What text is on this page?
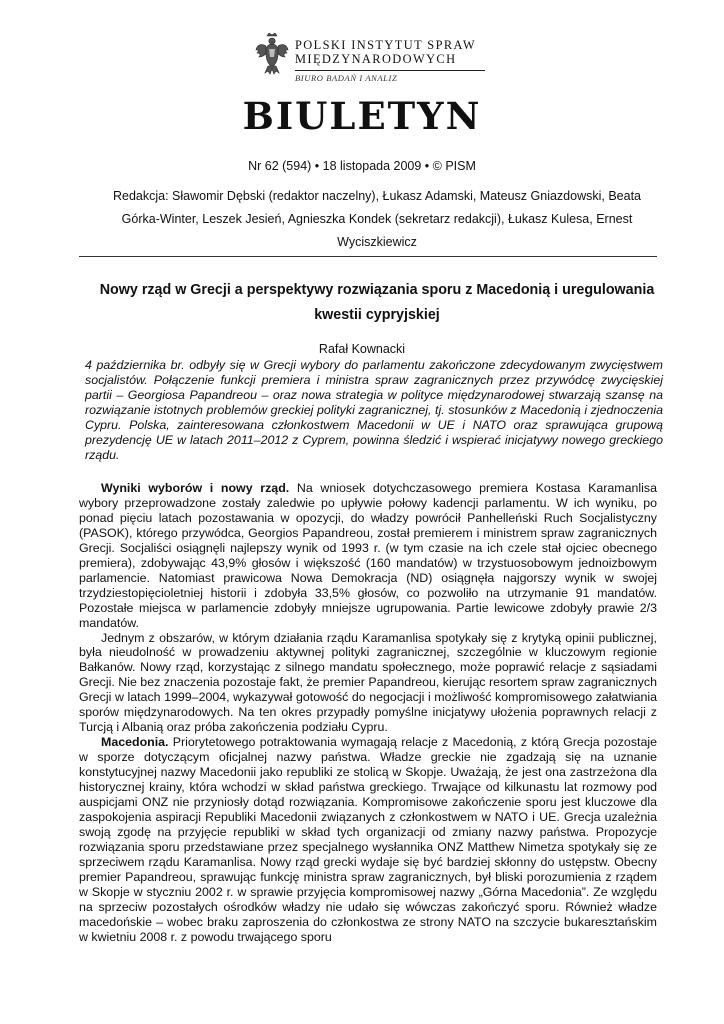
POLSKI INSTYTUT SPRAW
MIĘDZYNARODOWYCH
BIURO BADAŃ I ANALIZ
BIULETYN
Nr 62 (594) • 18 listopada 2009 • © PISM
Redakcja: Sławomir Dębski (redaktor naczelny), Łukasz Adamski, Mateusz Gniazdowski, Beata Górka-Winter, Leszek Jesień, Agnieszka Kondek (sekretarz redakcji), Łukasz Kulesa, Ernest Wyciszkiewicz
Nowy rząd w Grecji a perspektywy rozwiązania sporu z Macedonią i uregulowania kwestii cypryjskiej
Rafał Kownacki
4 października br. odbyły się w Grecji wybory do parlamentu zakończone zdecydowanym zwycięstwem socjalistów. Połączenie funkcji premiera i ministra spraw zagranicznych przez przywódcę zwycięskiej partii – Georgiosa Papandreou – oraz nowa strategia w polityce międzynarodowej stwarzają szansę na rozwiązanie istotnych problemów greckiej polityki zagranicznej, tj. stosunków z Macedonią i zjednoczenia Cypru. Polska, zainteresowana członkostwem Macedonii w UE i NATO oraz sprawująca grupową prezydencję UE w latach 2011–2012 z Cyprem, powinna śledzić i wspierać inicjatywy nowego greckiego rządu.

Wyniki wyborów i nowy rząd. Na wniosek dotychczasowego premiera Kostasa Karamanlisa wybory przeprowadzone zostały zaledwie po upływie połowy kadencji parlamentu. W ich wyniku, po ponad pięciu latach pozostawania w opozycji, do władzy powrócił Panhelleński Ruch Socjalistyczny (PASOK), którego przywódca, Georgios Papandreou, został premierem i ministrem spraw zagranicznych Grecji. Socjaliści osiągnęli najlepszy wynik od 1993 r. (w tym czasie na ich czele stał ojciec obecnego premiera), zdobywając 43,9% głosów i większość (160 mandatów) w trzystuosobowym jednoizbowym parlamencie. Natomiast prawicowa Nowa Demokracja (ND) osiągnęła najgorszy wynik w swojej trzydziestopięcioletniej historii i zdobyła 33,5% głosów, co pozwoliło na utrzymanie 91 mandatów. Pozostałe miejsca w parlamencie zdobyły mniejsze ugrupowania. Partie lewicowe zdobyły prawie 2/3 mandatów.

Jednym z obszarów, w którym działania rządu Karamanlisa spotykały się z krytyką opinii publicznej, była nieudolność w prowadzeniu aktywnej polityki zagranicznej, szczególnie w kluczowym regionie Bałkanów. Nowy rząd, korzystając z silnego mandatu społecznego, może poprawić relacje z sąsiadami Grecji. Nie bez znaczenia pozostaje fakt, że premier Papandreou, kierując resortem spraw zagranicznych Grecji w latach 1999–2004, wykazywał gotowość do negocjacji i możliwość kompromisowego załatwiania sporów międzynarodowych. Na ten okres przypadły pomyślne inicjatywy ułożenia poprawnych relacji z Turcją i Albanią oraz próba zakończenia podziału Cypru.

Macedonia. Priorytetowego potraktowania wymagają relacje z Macedonią, z którą Grecja pozostaje w sporze dotyczącym oficjalnej nazwy państwa. Władze greckie nie zgadzają się na uznanie konstytucyjnej nazwy Macedonii jako republiki ze stolicą w Skopje. Uważają, że jest ona zastrzeżona dla historycznej krainy, która wchodzi w skład państwa greckiego. Trwające od kilkunastu lat rozmowy pod auspicjami ONZ nie przyniosły dotąd rozwiązania. Kompromisowe zakończenie sporu jest kluczowe dla zaspokojenia aspiracji Republiki Macedonii związanych z członkostwem w NATO i UE. Grecja uzależnia swoją zgodę na przyjęcie republiki w skład tych organizacji od zmiany nazwy państwa. Propozycje rozwiązania sporu przedstawiane przez specjalnego wysłannika ONZ Matthew Nimetza spotykały się ze sprzeciwem rządu Karamanlisa. Nowy rząd grecki wydaje się być bardziej skłonny do ustępstw. Obecny premier Papandreou, sprawując funkcję ministra spraw zagranicznych, był bliski porozumienia z rządem w Skopje w styczniu 2002 r. w sprawie przyjęcia kompromisowej nazwy „Górna Macedonia”. Ze względu na sprzeciw pozostałych ośrodków władzy nie udało się wówczas zakończyć sporu. Również władze macedońskie – wobec braku zaproszenia do członkostwa ze strony NATO na szczycie bukaresztańskim w kwietniu 2008 r. z powodu trwającego sporu
